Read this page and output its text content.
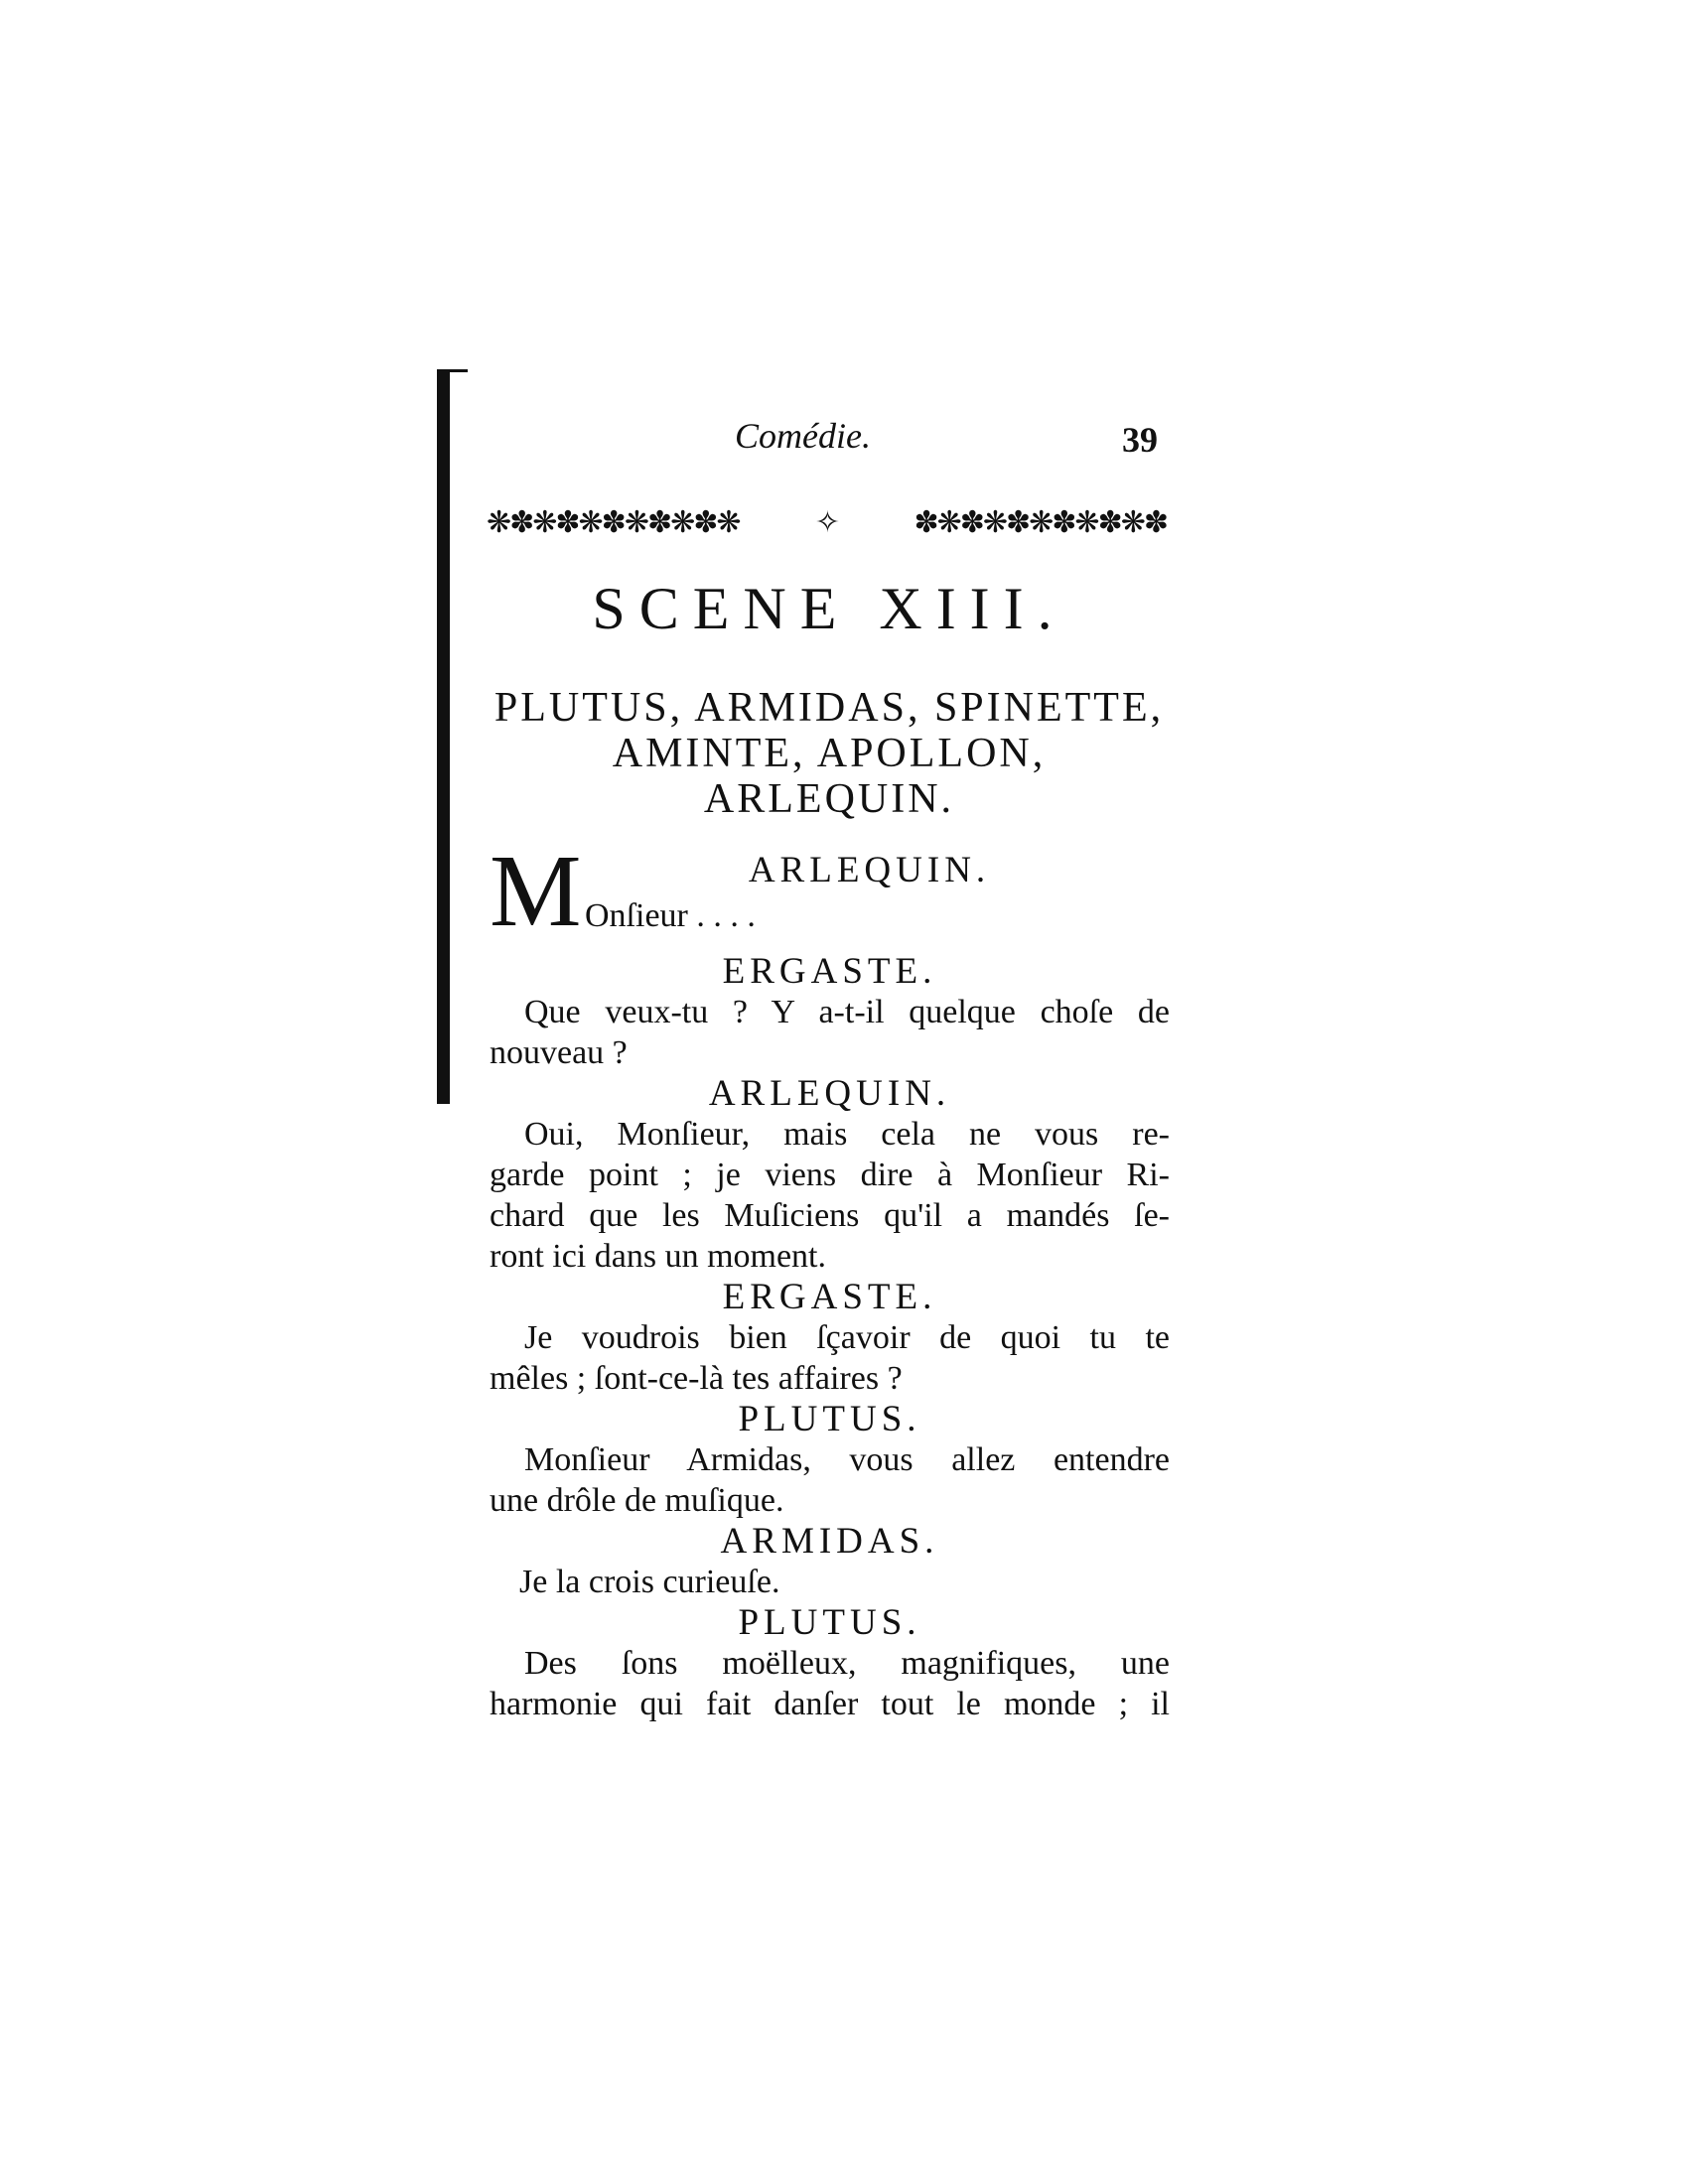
Comédie.	39
❋✽❋✽❋✽❋✽❋✽❋	✧	✽❋✽❋✽❋✽❋✽❋✽
SCENE XIII.
PLUTUS, ARMIDAS, SPINETTE,
AMINTE, APOLLON,
ARLEQUIN.
M	ARLEQUIN.
Onſieur . . . .
ERGASTE.
Que veux-tu ? Y a-t-il quelque choſe de
nouveau ?
ARLEQUIN.
Oui, Monſieur, mais cela ne vous re-
garde point ; je viens dire à Monſieur Ri-
chard que les Muſiciens qu'il a mandés ſe-
ront ici dans un moment.
ERGASTE.
Je voudrois bien ſçavoir de quoi tu te
mêles ; ſont-ce-là tes affaires ?
PLUTUS.
Monſieur Armidas, vous allez entendre
une drôle de muſique.
ARMIDAS.
Je la crois curieuſe.
PLUTUS.
Des ſons moëlleux, magnifiques, une
harmonie qui fait danſer tout le monde ; il
